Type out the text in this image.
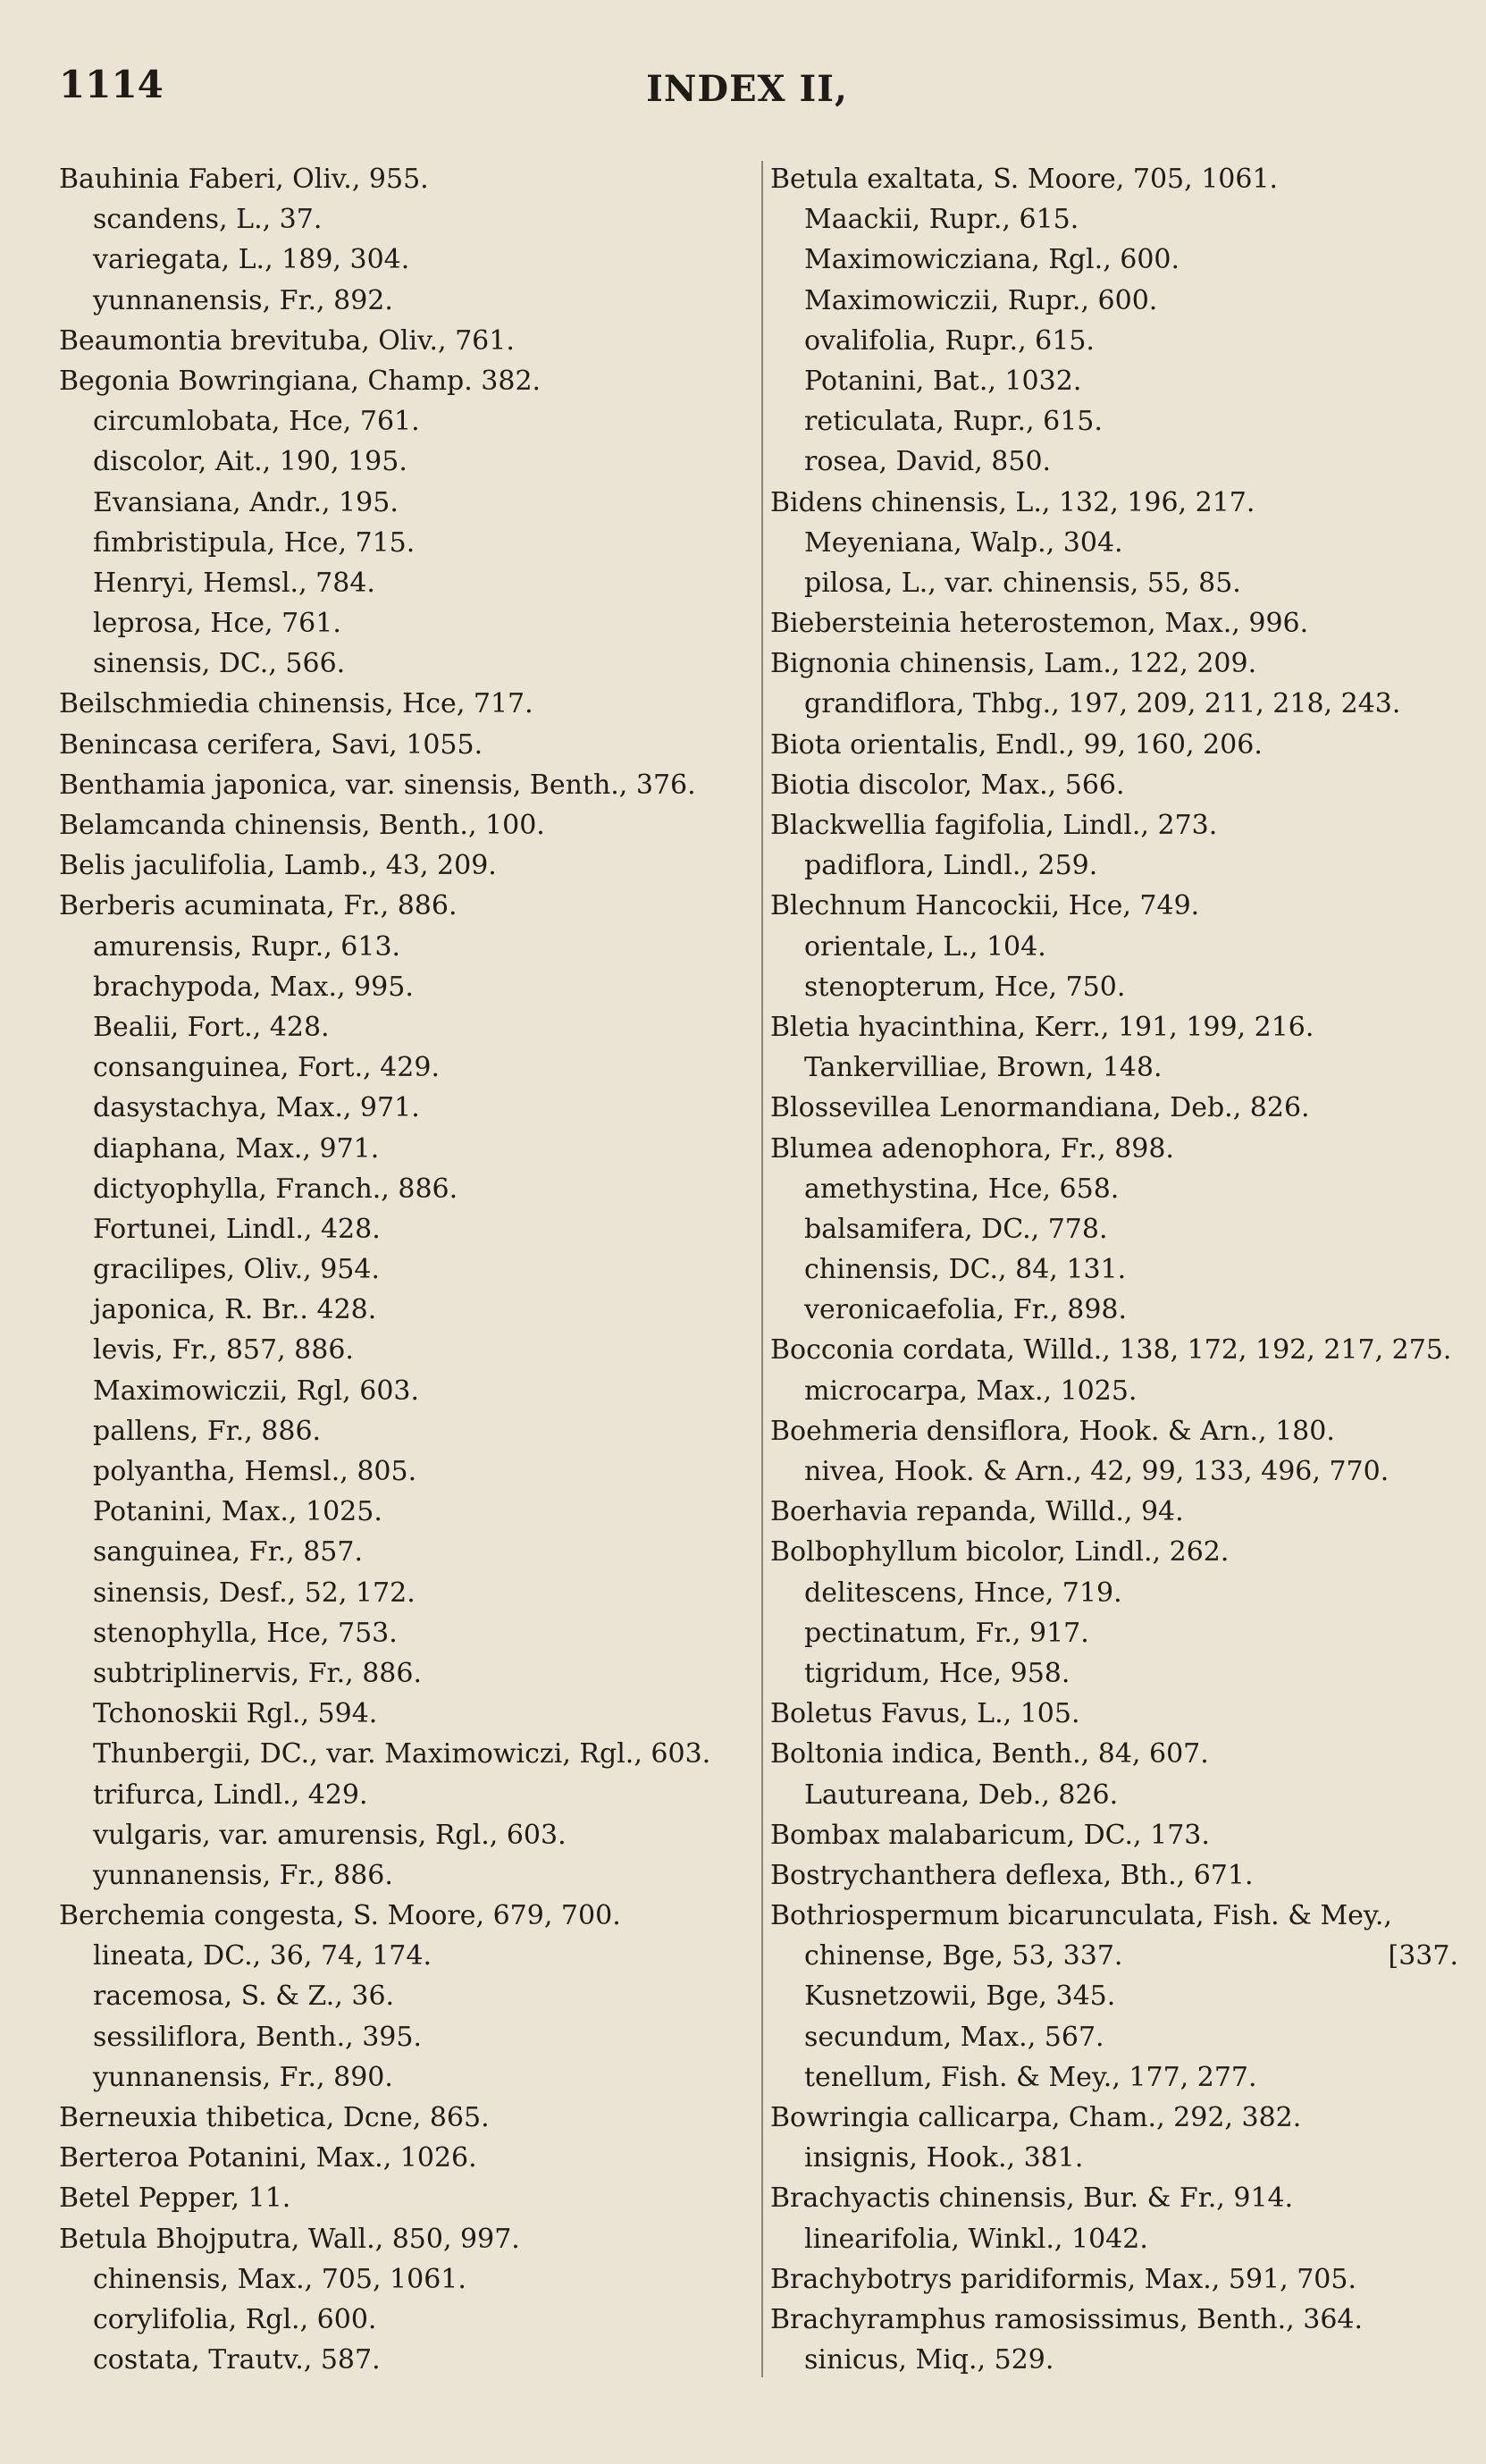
1114	INDEX II,
Bauhinia Faberi, Oliv., 955.
scandens, L., 37.
variegata, L., 189, 304.
yunnanensis, Fr., 892.
Beaumontia brevituba, Oliv., 761.
Begonia Bowringiana, Champ. 382.
circumlobata, Hce, 761.
discolor, Ait., 190, 195.
Evansiana, Andr., 195.
fimbristipula, Hce, 715.
Henryi, Hemsl., 784.
leprosa, Hce, 761.
sinensis, DC., 566.
Beilschmiedia chinensis, Hce, 717.
Benincasa cerifera, Savi, 1055.
Benthamia japonica, var. sinensis, Benth., 376.
Belamcanda chinensis, Benth., 100.
Belis jaculifolia, Lamb., 43, 209.
Berberis acuminata, Fr., 886.
amurensis, Rupr., 613.
brachypoda, Max., 995.
Bealii, Fort., 428.
consanguinea, Fort., 429.
dasystachya, Max., 971.
diaphana, Max., 971.
dictyophylla, Franch., 886.
Fortunei, Lindl., 428.
gracilipes, Oliv., 954.
japonica, R. Br.. 428.
levis, Fr., 857, 886.
Maximowiczii, Rgl, 603.
pallens, Fr., 886.
polyantha, Hemsl., 805.
Potanini, Max., 1025.
sanguinea, Fr., 857.
sinensis, Desf., 52, 172.
stenophylla, Hce, 753.
subtriplinervis, Fr., 886.
Tchonoskii Rgl., 594.
Thunbergii, DC., var. Maximowiczi, Rgl., 603.
trifurca, Lindl., 429.
vulgaris, var. amurensis, Rgl., 603.
yunnanensis, Fr., 886.
Berchemia congesta, S. Moore, 679, 700.
lineata, DC., 36, 74, 174.
racemosa, S. & Z., 36.
sessiliflora, Benth., 395.
yunnanensis, Fr., 890.
Berneuxia thibetica, Dcne, 865.
Berteroa Potanini, Max., 1026.
Betel Pepper, 11.
Betula Bhojputra, Wall., 850, 997.
chinensis, Max., 705, 1061.
corylifolia, Rgl., 600.
costata, Trautv., 587.
Betula exaltata, S. Moore, 705, 1061.
Maackii, Rupr., 615.
Maximowicziana, Rgl., 600.
Maximowiczii, Rupr., 600.
ovalifolia, Rupr., 615.
Potanini, Bat., 1032.
reticulata, Rupr., 615.
rosea, David, 850.
Bidens chinensis, L., 132, 196, 217.
Meyeniana, Walp., 304.
pilosa, L., var. chinensis, 55, 85.
Biebersteinia heterostemon, Max., 996.
Bignonia chinensis, Lam., 122, 209.
grandiflora, Thbg., 197, 209, 211, 218, 243.
Biota orientalis, Endl., 99, 160, 206.
Biotia discolor, Max., 566.
Blackwellia fagifolia, Lindl., 273.
padiflora, Lindl., 259.
Blechnum Hancockii, Hce, 749.
orientale, L., 104.
stenopterum, Hce, 750.
Bletia hyacinthina, Kerr., 191, 199, 216.
Tankervilliae, Brown, 148.
Blossevillea Lenormandiana, Deb., 826.
Blumea adenophora, Fr., 898.
amethystina, Hce, 658.
balsamifera, DC., 778.
chinensis, DC., 84, 131.
veronicaefolia, Fr., 898.
Bocconia cordata, Willd., 138, 172, 192, 217, 275.
microcarpa, Max., 1025.
Boehmeria densiflora, Hook. & Arn., 180.
nivea, Hook. & Arn., 42, 99, 133, 496, 770.
Boerhavia repanda, Willd., 94.
Bolbophyllum bicolor, Lindl., 262.
delitescens, Hnce, 719.
pectinatum, Fr., 917.
tigridum, Hce, 958.
Boletus Favus, L., 105.
Boltonia indica, Benth., 84, 607.
Lautureana, Deb., 826.
Bombax malabaricum, DC., 173.
Bostrychanthera deflexa, Bth., 671.
Bothriospermum bicarunculata, Fish. & Mey.,
chinense, Bge, 53, 337.	[337.
Kusnetzowii, Bge, 345.
secundum, Max., 567.
tenellum, Fish. & Mey., 177, 277.
Bowringia callicarpa, Cham., 292, 382.
insignis, Hook., 381.
Brachyactis chinensis, Bur. & Fr., 914.
linearifolia, Winkl., 1042.
Brachybotrys paridiformis, Max., 591, 705.
Brachyramphus ramosissimus, Benth., 364.
sinicus, Miq., 529.
